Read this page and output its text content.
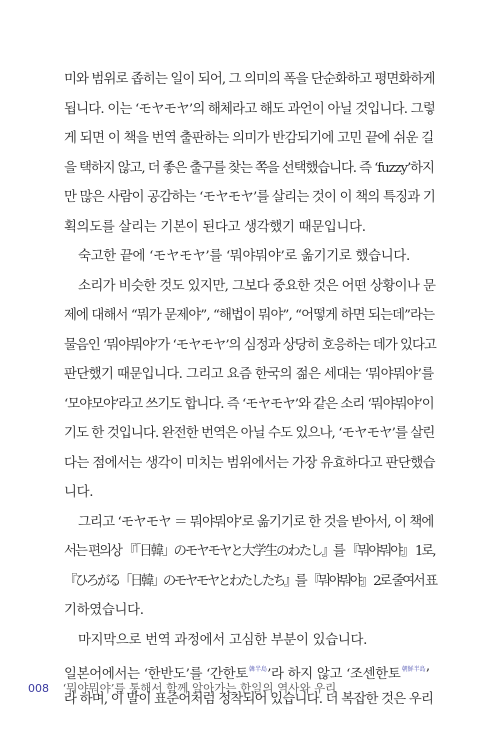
미와 범위로 좁히는 일이 되어, 그 의미의 폭을 단순화하고 평면화하게
됩니다. 이는 ‘モヤモヤ’의 해체라고 해도 과언이 아닐 것입니다. 그렇
게 되면 이 책을 번역 출판하는 의미가 반감되기에 고민 끝에 쉬운 길
을 택하지 않고, 더 좋은 출구를 찾는 쪽을 선택했습니다. 즉 ‘fuzzy’하지
만 많은 사람이 공감하는 ‘モヤモヤ’를 살리는 것이 이 책의 특징과 기
획의도를 살리는 기본이 된다고 생각했기 때문입니다.
숙고한 끝에 ‘モヤモヤ’를 ‘뭐야뭐야’로 옮기기로 했습니다.
소리가 비슷한 것도 있지만, 그보다 중요한 것은 어떤 상황이나 문
제에 대해서 “뭐가 문제야”, “해법이 뭐야”, “어떻게 하면 되는데”라는
물음인 ‘뭐야뭐야’가 ‘モヤモヤ’의 심정과 상당히 호응하는 데가 있다고
판단했기 때문입니다. 그리고 요즘 한국의 젊은 세대는 ‘뭐야뭐야’를
‘모야모야’라고 쓰기도 합니다. 즉 ‘モヤモヤ’와 같은 소리 ‘뭐야뭐야’이
기도 한 것입니다. 완전한 번역은 아닐 수도 있으나, ‘モヤモヤ’를 살린
다는 점에서는 생각이 미치는 범위에서는 가장 유효하다고 판단했습
니다.
그리고 ‘モヤモヤ ＝ 뭐야뭐야’로 옮기기로 한 것을 받아서, 이 책에
서는 편의상 『「日韓」のモヤモヤと大学生のわたし』를 『뭐야뭐야』 1로,
『ひろがる「日韓」のモヤモヤとわたしたち』를 『뭐야뭐야』 2로 줄여서 표
기하였습니다.
마지막으로 번역 과정에서 고심한 부분이 있습니다.
일본어에서는 ‘한반도’를 ‘간한토$^{韓半島}$’라 하지 않고 ‘조센한토$^{朝鮮半島}$’
라 하며, 이 말이 표준어처럼 정착되어 있습니다. 더 복잡한 것은 우리
008 ‘뭐야뭐야’를 통해서 함께 알아가는 한일의 역사와 우리
